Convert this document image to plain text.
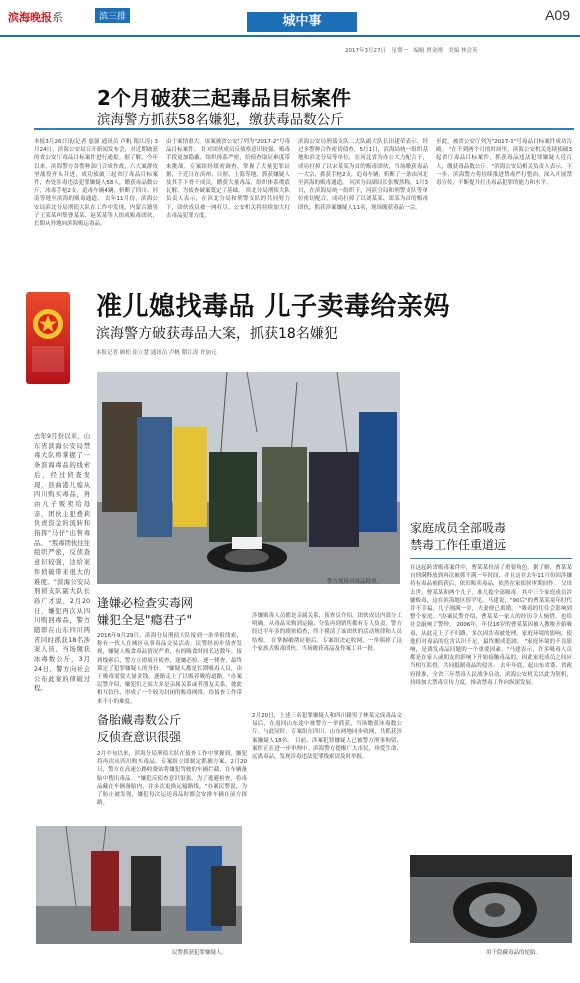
滨海晚报系	滨三排	城中事	A09
2017年3月27日　星期一　编辑 贾金刚　美编 林会英
2个月破获三起毒品目标案件
滨海警方抓获58名嫌犯，缴获毒品数公斤
本报3月26日讯(记者 慈强 通讯员 卢帆 隋江涛) 3月24日，滨海公安局召开新闻发布会，对近期破获的省公安厅毒品目标案件进行通报。据了解，今年以来，滨海警方各警种部门合成作战，六大案群攻坚战役齐头并进，成功侦破三起省厅毒品目标案件，查处涉毒违法犯罪嫌疑人58人，缴获毒品数公斤，冰毒手枪2支，追毒车辆4辆，斩断了四川、河南等地至滨海的贩毒通道。 去年11月份，滨海公安局滨北分局刑侦大队在工作中发现，内蒙古籍男子王某某纠集曹某某、赵某某等人组成贩毒团伙，长期从外地向滨海贩运毒品。
由于案情重大，该案被省公安厅列为"2017-2"号毒品目标案件。 针对团伙成员反侦察意识较强、贩毒手段更加隐蔽，组织体系严密，给侦查取证难度带来挑战。专案组经缜密调查，掌握了大量犯罪证据，于近日在滨州、日照、上海等地，抓获嫌疑人及其手下骨干成员，缴获大量毒品，组织体系彻底瓦解，为侦查破案奠定了基础。 滨北分局刑侦大队负责人表示，在滨北分局和刑警支队的共同努力下，团伙成员被一网打尽，公安机关将持续加大打击毒品犯罪力度。
滨海公安局刑侦支队二大队副大队长田建荣表示，经过多警种合作密切侦查，5月1日，滨海局统一组织基地和滨北分局等单位，在河北省为办公大力配合下，成功打掉了以宋某某为首的贩毒团伙，当场缴获毒品一大宗，抓获手枪2支，追毒车辆，斩断了一条由河北至滨海的贩毒通道。 河滨分局副局长张俊然称，1月3日，在滨海局统一组织下，河滨分局和刑警支队等单位密切配合，成功打掉了以刘某某、郑某为首的贩毒团伙，抓获涉案嫌疑人11名，现场缴获毒品一宗。
至此，被省公安厅列为"2017-1"号毒品目标案件成功告破。 "在不到两个月的时间里，滨海公安机关连续侦破3起省厅毒品目标案件，抓获毒品违法犯罪嫌疑人近百人，缴获毒品数公斤。"滨海公安局相关负责人表示，下一步，滨海警方将持续推进禁毒严打整治，深入开展禁毒宣传，不断提升打击毒品犯罪的能力和水平。
准儿媳找毒品 儿子卖毒给亲妈
滨海警方破获毒品大案，抓获18名嫌犯
本报记者 顾松 崔立慧 通讯员 卢帆 隋江涛 许加元
去年9月份以来，山东省滨海公安局禁毒大队将掌握了一条滨海毒品的线索后，经过侦查发现，县曲港儿媳从四川购买毒品，再由儿子贩卖给母亲，团伙主犯叠莉负责资金的流转和指挥"马仔"出售毒品。 "叛毒团伙往往组织严密，反侦查意识较强，这给案件侦破带来很大的难度。"滨海公安局刑侦支队副大队长孙广才说，2月20日，嫌犯再次从四川购回毒品，警方随即在山东四川两省同时抓获18名涉案人员，当场缴获冰毒数公斤，3月24日，警方向社会公布此案的侦破过程。
警方现场对毒品称重。
家庭成员全部吸毒
禁毒工作任重道远
在这起跨省贩毒案件中，曹某某扮演了重要角色。据了解，曹某某自刑满释放到再次被抓不满一年时间，并且这在去年11月份因涉嫌持有毒品被抓获后，依旧贩卖毒品，依然在家侦侯审期间作。 父母去世，曹某某和两个儿子，准儿媳全部吸毒，其中三个家庭成员涉嫌贩毒，这在滨海地区很罕见。马建说，"90后"的曹某某童年时代并不幸福，儿子刚满一岁，夫妻便已离婚。 "吸毒的往往会影响到整个家庭。"办案民警介绍，曹某某一家人的经历令人惋惜，也给社会敲响了警钟。 2006年，年仅16岁的曹某某因被人教唆开始吸毒，从此走上了不归路，多次因涉毒被处理。家庭环境的影响，使他们对毒品的危害认识不足，最终酿成悲剧。 "家庭环境的不良影响，是诱发毒品问题的一个重要因素。"马建表示，许多吸毒人员都是在家人或朋友的影响下开始接触毒品的，因此家庭成员之间应当相互监督，共同抵制毒品的侵害。 去年年底，起山东省委、省政府批准，全省三年禁毒人民战争启动，滨海公安机关以此为契机，持续加大禁毒宣传力度，推动禁毒工作向纵深发展。
逢嫌必检查实毒网
嫌犯全是"瘾君子"
2016年9月29日，滨海分局刑侦大队接到一条举报线索，称有一伙人在城区从事毒品交易活动。民警经初步侦查发现，嫌疑人吸食毒品情况严重，有的吸食时间长达数年。接到线索后，警方立即展开侦查，逢嫌必检，逐一排查，最终锁定了犯罪嫌疑人的身份。 "嫌疑人都是长期吸毒人员，由于吸毒需要大量金钱，逐渐走上了以贩养吸的道路。"办案民警介绍，嫌犯们之间大多是亲属关系或者朋友关系，彼此相互信任，形成了一个较为封闭的贩毒网络，给侦查工作带来不小的难度。
涉嫌贩毒人员都是亲属关系，侦查员介绍，团伙成员内部分工明确，从毒品采购到运输、分装再到销售都有专人负责，警方经过半年多的缜密侦查，终于摸清了该团伙的活动规律和人员结构。 在掌握确凿证据后，专案组决定收网，一举端掉了这个家族式贩毒团伙，当场缴获毒品及作案工具一批。
备胎藏毒数公斤
反侦查意识很强
2月中旬以来，滨海分局刑侦大队在侦查工作中掌握到，嫌犯将再次从四川购买毒品。专案组立即制定抓捕方案，2月20日，警方在高速公路收费站将嫌犯驾驶的车辆拦截，在车辆备胎中搜出毒品。 "嫌犯反侦查意识很强，为了逃避检查，将毒品藏在车辆备胎内，并多次更换运输路线。"办案民警说，为了防止被发现，嫌犯每次运送毒品时都会安排车辆在前方探路。
2月20日，上述三名犯罪嫌疑人和四川籍男子林某完成毒品交易后，在返回山东途中被警方一举抓获，当场缴获冰毒数公斤。与此同时，专案组在四川、山东两地同步收网，共抓获涉案嫌疑人18名。 目前，涉案犯罪嫌疑人已被警方刑事拘留，案件正在进一步审理中。滨海警方提醒广大市民，珍爱生命，远离毒品，发现涉毒违法犯罪线索请及时举报。
民警抓获犯罪嫌疑人。	用于隐藏毒品的轮胎。
